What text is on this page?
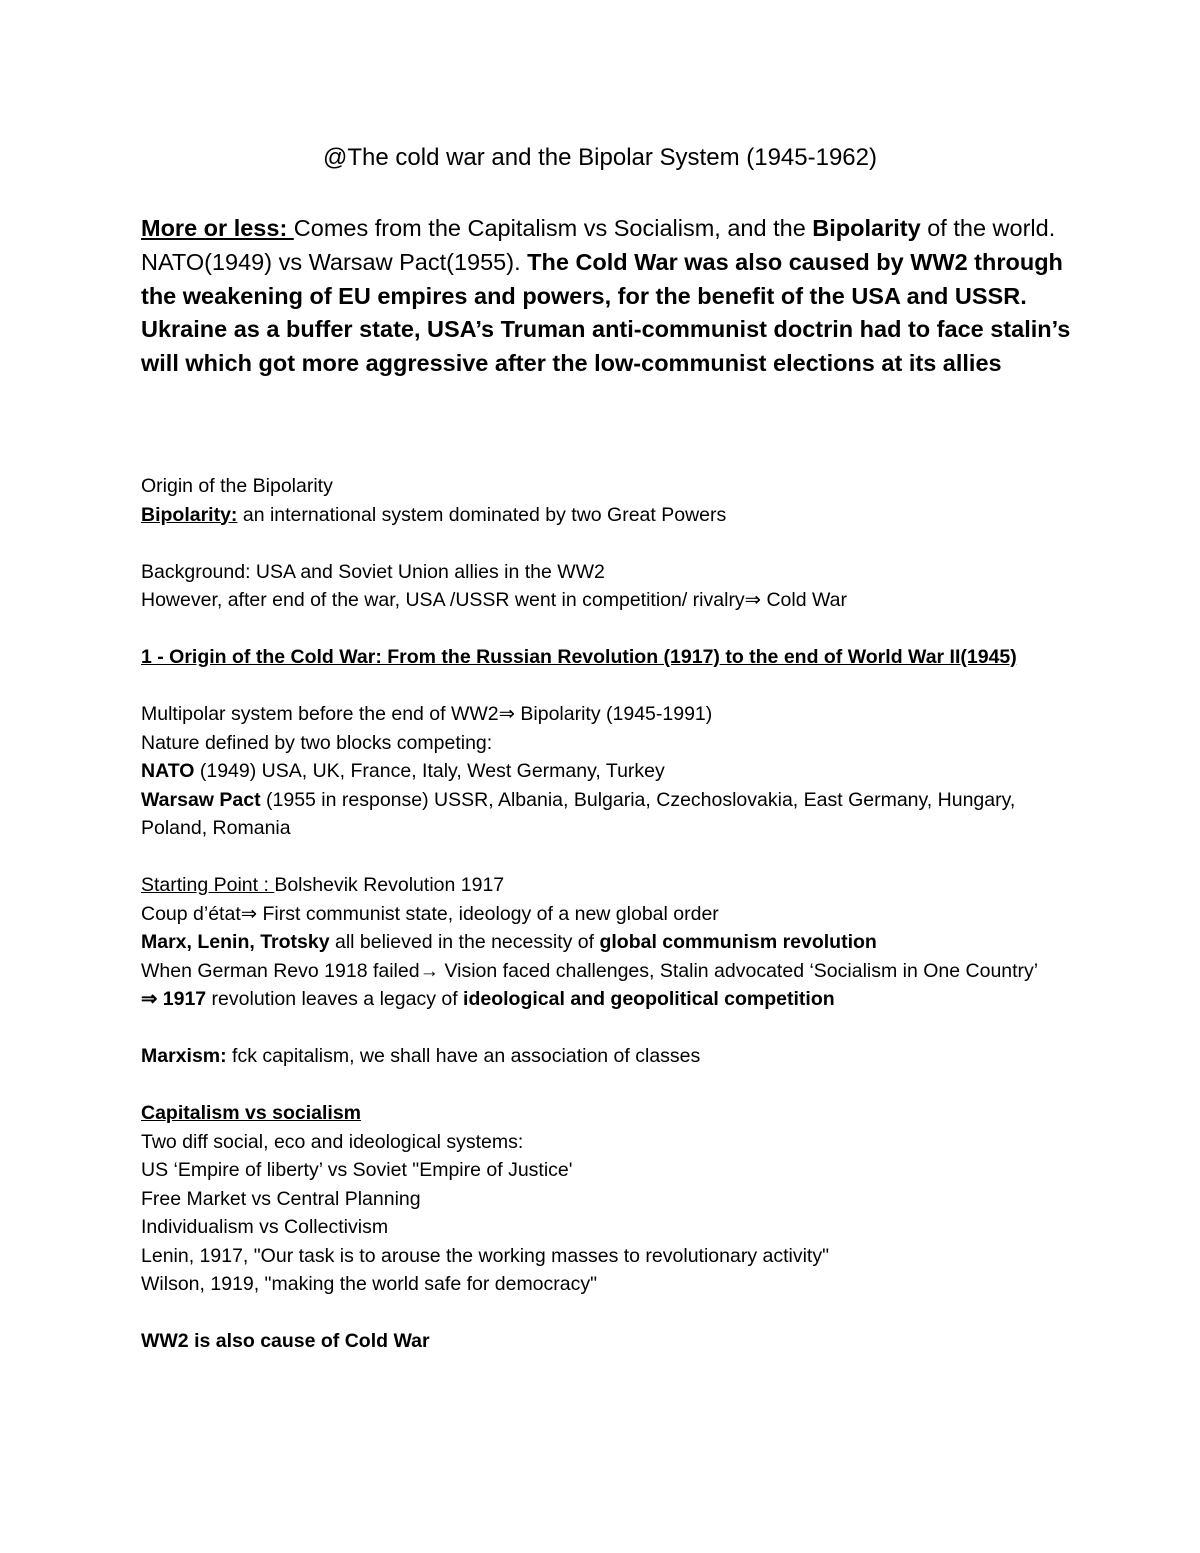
@The cold war and the Bipolar System (1945-1962)
More or less: Comes from the Capitalism vs Socialism, and the Bipolarity of the world. NATO(1949) vs Warsaw Pact(1955). The Cold War was also caused by WW2 through the weakening of EU empires and powers, for the benefit of the USA and USSR. Ukraine as a buffer state, USA’s Truman anti-communist doctrin had to face stalin’s will which got more aggressive after the low-communist elections at its allies

Origin of the Bipolarity

Bipolarity: an international system dominated by two Great Powers

Background: USA and Soviet Union allies in the WW2

However, after end of the war, USA /USSR went in competition/ rivalry⇒ Cold War

1 - Origin of the Cold War: From the Russian Revolution (1917) to the end of World War II(1945)

Multipolar system before the end of WW2⇒ Bipolarity (1945-1991)

Nature defined by two blocks competing:

NATO (1949) USA, UK, France, Italy, West Germany, Turkey

Warsaw Pact (1955 in response) USSR, Albania, Bulgaria, Czechoslovakia, East Germany, Hungary, Poland, Romania

Starting Point : Bolshevik Revolution 1917

Coup d’état⇒ First communist state, ideology of a new global order

Marx, Lenin, Trotsky all believed in the necessity of global communism revolution

When German Revo 1918 failed→ Vision faced challenges, Stalin advocated ‘Socialism in One Country’

⇒ 1917 revolution leaves a legacy of ideological and geopolitical competition

Marxism: fck capitalism, we shall have an association of classes

Capitalism vs socialism

Two diff social, eco and ideological systems:

US ‘Empire of liberty’ vs Soviet "Empire of Justice'

Free Market vs Central Planning

Individualism vs Collectivism

Lenin, 1917, "Our task is to arouse the working masses to revolutionary activity"

Wilson, 1919, "making the world safe for democracy"

WW2 is also cause of Cold War
